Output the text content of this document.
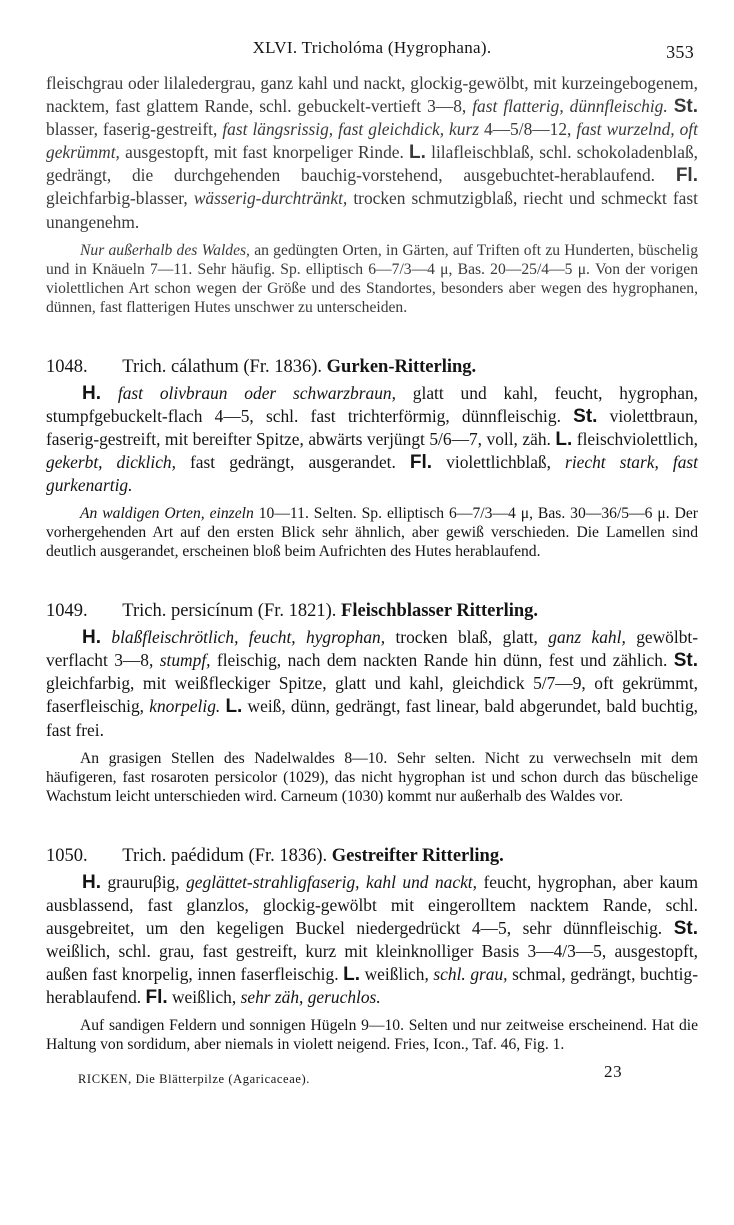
XLVI. Tricholóma (Hygrophana).	353

fleischgrau oder lilaledergrau, ganz kahl und nackt, glockig-gewölbt, mit kurzeingebogenem, nacktem, fast glattem Rande, schl. gebuckelt-vertieft 3—8, fast flatterig, dünnfleischig. St. blasser, faserig-gestreift, fast längsrissig, fast gleichdick, kurz 4—5/8—12, fast wurzelnd, oft gekrümmt, ausgestopft, mit fast knorpeliger Rinde. L. lilafleischblaß, schl. schokoladenblaß, gedrängt, die durchgehenden bauchig-vorstehend, ausgebuchtet-herablaufend. Fl. gleichfarbig-blasser, wässerig-durchtränkt, trocken schmutzigblaß, riecht und schmeckt fast unangenehm.

Nur außerhalb des Waldes, an gedüngten Orten, in Gärten, auf Triften oft zu Hunderten, büschelig und in Knäueln 7—11. Sehr häufig. Sp. elliptisch 6—7/3—4 μ, Bas. 20—25/4—5 μ. Von der vorigen violettlichen Art schon wegen der Größe und des Standortes, besonders aber wegen des hygrophanen, dünnen, fast flatterigen Hutes unschwer zu unterscheiden.

1048. Trich. cálathum (Fr. 1836). Gurken-Ritterling.

H. fast olivbraun oder schwarzbraun, glatt und kahl, feucht, hygrophan, stumpfgebuckelt-flach 4—5, schl. fast trichterförmig, dünnfleischig. St. violettbraun, faserig-gestreift, mit bereifter Spitze, abwärts verjüngt 5/6—7, voll, zäh. L. fleischviolettlich, gekerbt, dicklich, fast gedrängt, ausgerandet. Fl. violettlichblaß, riecht stark, fast gurkenartig.

An waldigen Orten, einzeln 10—11. Selten. Sp. elliptisch 6—7/3—4 μ, Bas. 30—36/5—6 μ. Der vorhergehenden Art auf den ersten Blick sehr ähnlich, aber gewiß verschieden. Die Lamellen sind deutlich ausgerandet, erscheinen bloß beim Aufrichten des Hutes herablaufend.

1049. Trich. persicínum (Fr. 1821). Fleischblasser Ritterling.

H. blaßfleischrötlich, feucht, hygrophan, trocken blaß, glatt, ganz kahl, gewölbt-verflacht 3—8, stumpf, fleischig, nach dem nackten Rande hin dünn, fest und zählich. St. gleichfarbig, mit weißfleckiger Spitze, glatt und kahl, gleichdick 5/7—9, oft gekrümmt, faserfleischig, knorpelig. L. weiß, dünn, gedrängt, fast linear, bald abgerundet, bald buchtig, fast frei.

An grasigen Stellen des Nadelwaldes 8—10. Sehr selten. Nicht zu verwechseln mit dem häufigeren, fast rosaroten persicolor (1029), das nicht hygrophan ist und schon durch das büschelige Wachstum leicht unterschieden wird. Carneum (1030) kommt nur außerhalb des Waldes vor.

1050. Trich. paédidum (Fr. 1836). Gestreifter Ritterling.

H. grauruβig, geglättet-strahligfaserig, kahl und nackt, feucht, hygrophan, aber kaum ausblassend, fast glanzlos, glockig-gewölbt mit eingerolltem nacktem Rande, schl. ausgebreitet, um den kegeligen Buckel niedergedrückt 4—5, sehr dünnfleischig. St. weißlich, schl. grau, fast gestreift, kurz mit kleinknolliger Basis 3—4/3—5, ausgestopft, außen fast knorpelig, innen faserfleischig. L. weißlich, schl. grau, schmal, gedrängt, buchtig-herablaufend. Fl. weißlich, sehr zäh, geruchlos.

Auf sandigen Feldern und sonnigen Hügeln 9—10. Selten und nur zeitweise erscheinend. Hat die Haltung von sordidum, aber niemals in violett neigend. Fries, Icon., Taf. 46, Fig. 1.

RICKEN, Die Blätterpilze (Agaricaceae).	23
